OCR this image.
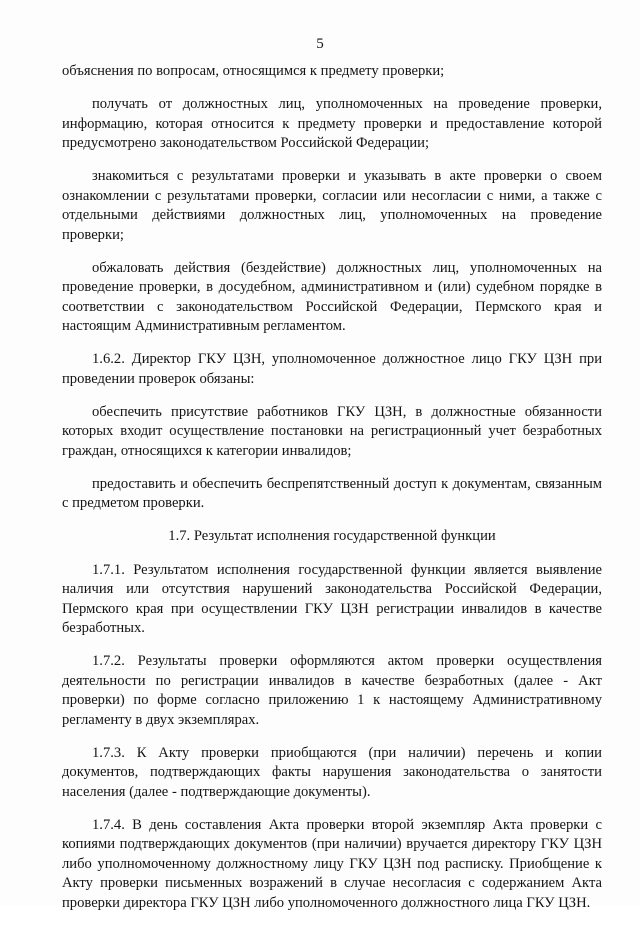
5

объяснения по вопросам, относящимся к предмету проверки;

получать от должностных лиц, уполномоченных на проведение проверки, информацию, которая относится к предмету проверки и предоставление которой предусмотрено законодательством Российской Федерации;

знакомиться с результатами проверки и указывать в акте проверки о своем ознакомлении с результатами проверки, согласии или несогласии с ними, а также с отдельными действиями должностных лиц, уполномоченных на проведение проверки;

обжаловать действия (бездействие) должностных лиц, уполномоченных на проведение проверки, в досудебном, административном и (или) судебном порядке в соответствии с законодательством Российской Федерации, Пермского края и настоящим Административным регламентом.

1.6.2. Директор ГКУ ЦЗН, уполномоченное должностное лицо ГКУ ЦЗН при проведении проверок обязаны:

обеспечить присутствие работников ГКУ ЦЗН, в должностные обязанности которых входит осуществление постановки на регистрационный учет безработных граждан, относящихся к категории инвалидов;

предоставить и обеспечить беспрепятственный доступ к документам, связанным с предметом проверки.

1.7. Результат исполнения государственной функции

1.7.1. Результатом исполнения государственной функции является выявление наличия или отсутствия нарушений законодательства Российской Федерации, Пермского края при осуществлении ГКУ ЦЗН регистрации инвалидов в качестве безработных.

1.7.2. Результаты проверки оформляются актом проверки осуществления деятельности по регистрации инвалидов в качестве безработных (далее - Акт проверки) по форме согласно приложению 1 к настоящему Административному регламенту в двух экземплярах.

1.7.3. К Акту проверки приобщаются (при наличии) перечень и копии документов, подтверждающих факты нарушения законодательства о занятости населения (далее - подтверждающие документы).

1.7.4. В день составления Акта проверки второй экземпляр Акта проверки с копиями подтверждающих документов (при наличии) вручается директору ГКУ ЦЗН либо уполномоченному должностному лицу ГКУ ЦЗН под расписку. Приобщение к Акту проверки письменных возражений в случае несогласия с содержанием Акта проверки директора ГКУ ЦЗН либо уполномоченного должностного лица ГКУ ЦЗН.
